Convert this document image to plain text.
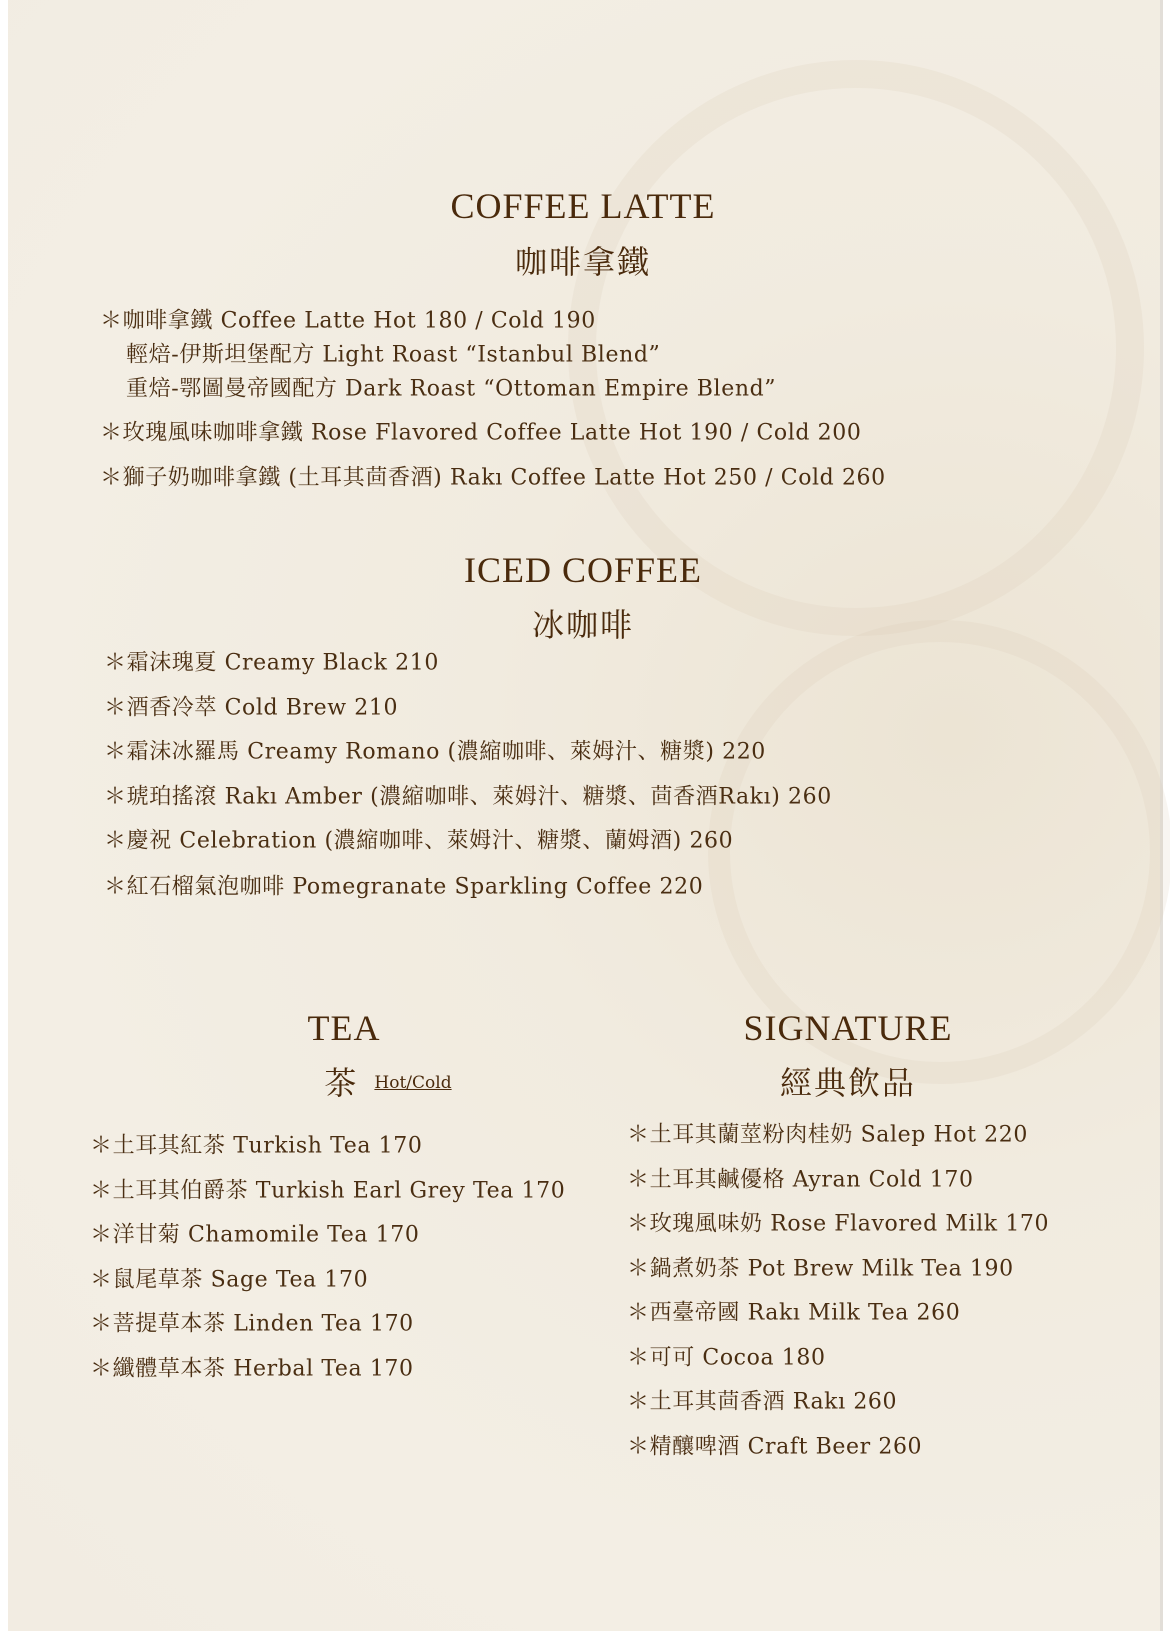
COFFEE LATTE
咖啡拿鐵
＊咖啡拿鐵 Coffee Latte Hot 180 / Cold 190
輕焙-伊斯坦堡配方 Light Roast “Istanbul Blend”
重焙-鄂圖曼帝國配方 Dark Roast “Ottoman Empire Blend”
＊玫瑰風味咖啡拿鐵 Rose Flavored Coffee Latte Hot 190 / Cold 200
＊獅子奶咖啡拿鐵 (土耳其茴香酒) Rakı Coffee Latte Hot 250 / Cold 260
ICED COFFEE
冰咖啡
＊霜沫瑰夏 Creamy Black 210
＊酒香冷萃 Cold Brew 210
＊霜沫冰羅馬 Creamy Romano (濃縮咖啡、萊姆汁、糖漿) 220
＊琥珀搖滾 Rakı Amber (濃縮咖啡、萊姆汁、糖漿、茴香酒Rakı) 260
＊慶祝 Celebration (濃縮咖啡、萊姆汁、糖漿、蘭姆酒) 260
＊紅石榴氣泡咖啡 Pomegranate Sparkling Coffee 220
TEA
茶 Hot/Cold
＊土耳其紅茶 Turkish Tea 170
＊土耳其伯爵茶 Turkish Earl Grey Tea 170
＊洋甘菊 Chamomile Tea 170
＊鼠尾草茶 Sage Tea 170
＊菩提草本茶 Linden Tea 170
＊纖體草本茶 Herbal Tea 170
SIGNATURE
經典飲品
＊土耳其蘭莖粉肉桂奶 Salep Hot 220
＊土耳其鹹優格 Ayran Cold 170
＊玫瑰風味奶 Rose Flavored Milk 170
＊鍋煮奶茶 Pot Brew Milk Tea 190
＊西臺帝國 Rakı Milk Tea 260
＊可可 Cocoa 180
＊土耳其茴香酒 Rakı 260
＊精釀啤酒 Craft Beer 260
